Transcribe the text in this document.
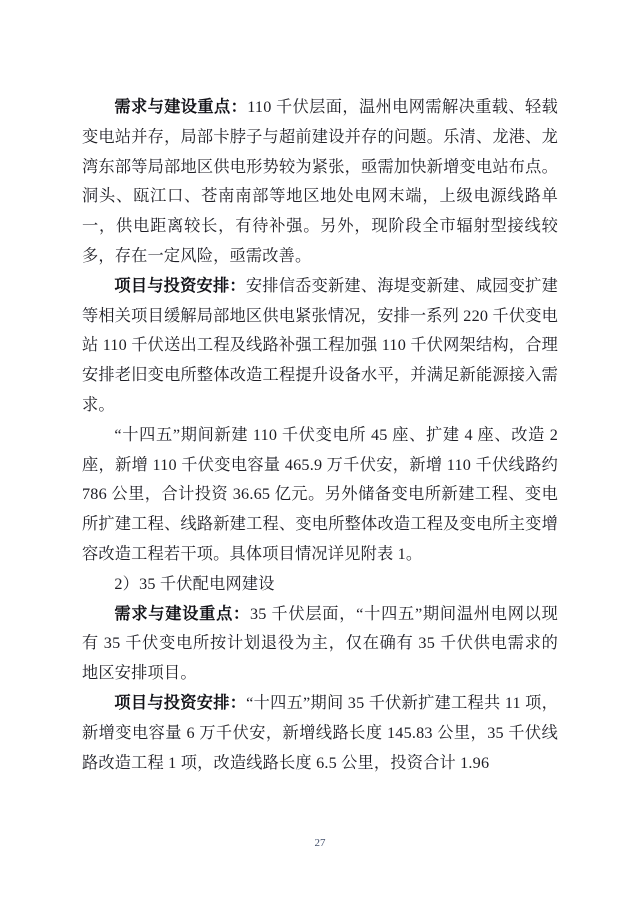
需求与建设重点：110 千伏层面，温州电网需解决重载、轻载变电站并存，局部卡脖子与超前建设并存的问题。乐清、龙港、龙湾东部等局部地区供电形势较为紧张，亟需加快新增变电站布点。洞头、瓯江口、苍南南部等地区地处电网末端，上级电源线路单一，供电距离较长，有待补强。另外，现阶段全市辐射型接线较多，存在一定风险，亟需改善。

项目与投资安排：安排信岙变新建、海堤变新建、咸园变扩建等相关项目缓解局部地区供电紧张情况，安排一系列 220 千伏变电站 110 千伏送出工程及线路补强工程加强 110 千伏网架结构，合理安排老旧变电所整体改造工程提升设备水平，并满足新能源接入需求。

“十四五”期间新建 110 千伏变电所 45 座、扩建 4 座、改造 2 座，新增 110 千伏变电容量 465.9 万千伏安，新增 110 千伏线路约 786 公里，合计投资 36.65 亿元。另外储备变电所新建工程、变电所扩建工程、线路新建工程、变电所整体改造工程及变电所主变增容改造工程若干项。具体项目情况详见附表 1。

2）35 千伏配电网建设

需求与建设重点：35 千伏层面，“十四五”期间温州电网以现有 35 千伏变电所按计划退役为主，仅在确有 35 千伏供电需求的地区安排项目。

项目与投资安排：“十四五”期间 35 千伏新扩建工程共 11 项，新增变电容量 6 万千伏安，新增线路长度 145.83 公里，35 千伏线路改造工程 1 项，改造线路长度 6.5 公里，投资合计 1.96

27
